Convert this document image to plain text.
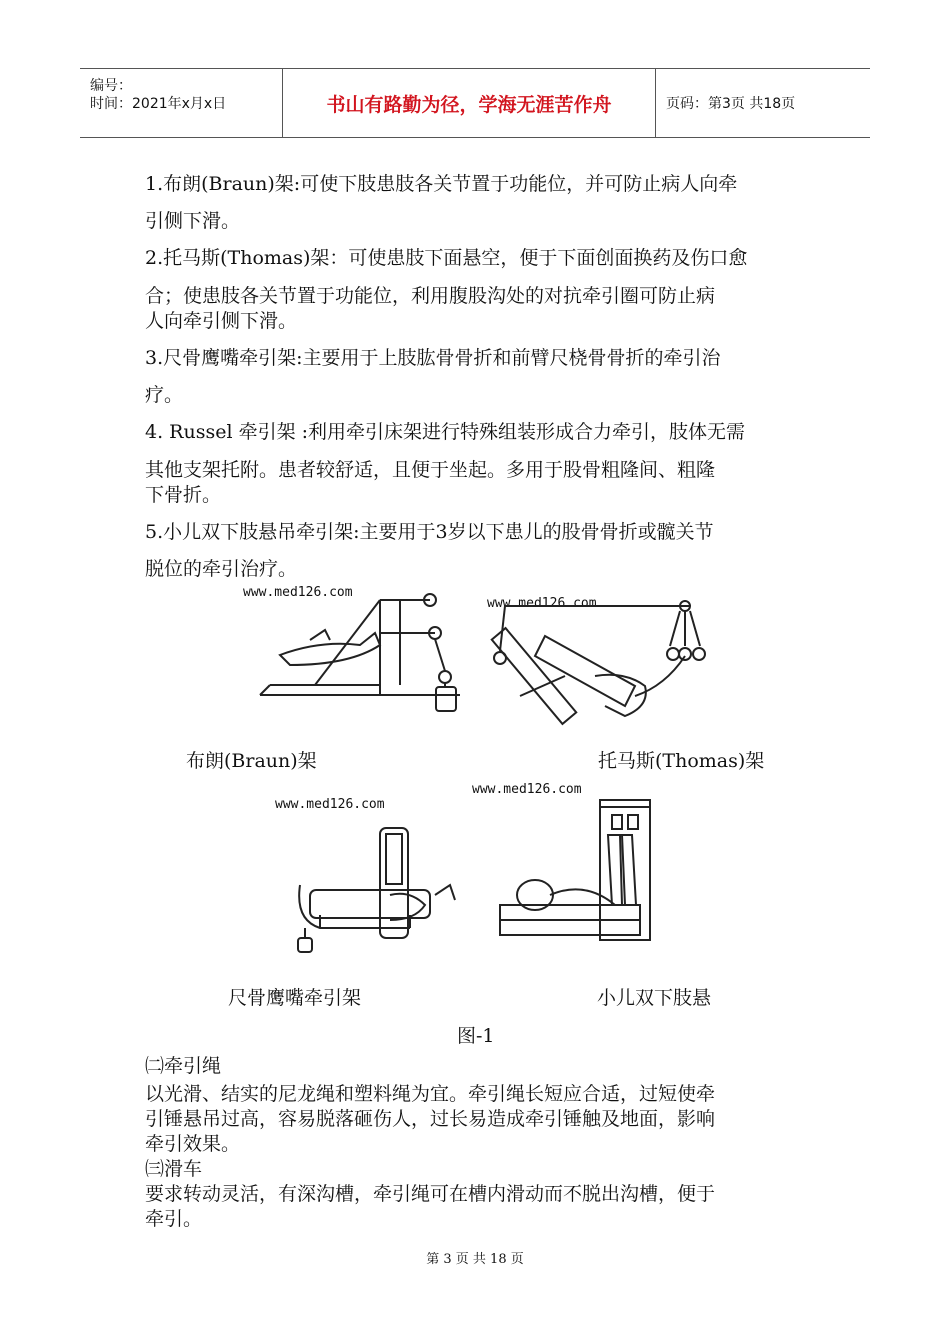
编号：
时间：2021年x月x日	书山有路勤为径，学海无涯苦作舟	页码：第3页 共18页
1.布朗(Braun)架:可使下肢患肢各关节置于功能位，并可防止病人向牵
引侧下滑。
2.托马斯(Thomas)架：可使患肢下面悬空，便于下面创面换药及伤口愈
合；使患肢各关节置于功能位，利用腹股沟处的对抗牵引圈可防止病
人向牵引侧下滑。
3.尺骨鹰嘴牵引架:主要用于上肢肱骨骨折和前臂尺桡骨骨折的牵引治
疗。
4. Russel 牵引架 :利用牵引床架进行特殊组装形成合力牵引，肢体无需
其他支架托附。患者较舒适，且便于坐起。多用于股骨粗隆间、粗隆
下骨折。
5.小儿双下肢悬吊牵引架:主要用于3岁以下患儿的股骨骨折或髋关节
脱位的牵引治疗。
www.med126.com
www.med126.com
布朗(Braun)架	托马斯(Thomas)架
www.med126.com
www.med126.com
尺骨鹰嘴牵引架	小儿双下肢悬
图-1
㈡牵引绳
以光滑、结实的尼龙绳和塑料绳为宜。牵引绳长短应合适，过短使牵
引锤悬吊过高，容易脱落砸伤人，过长易造成牵引锤触及地面，影响
牵引效果。
㈢滑车
要求转动灵活，有深沟槽，牵引绳可在槽内滑动而不脱出沟槽，便于
牵引。
第 3 页 共 18 页
